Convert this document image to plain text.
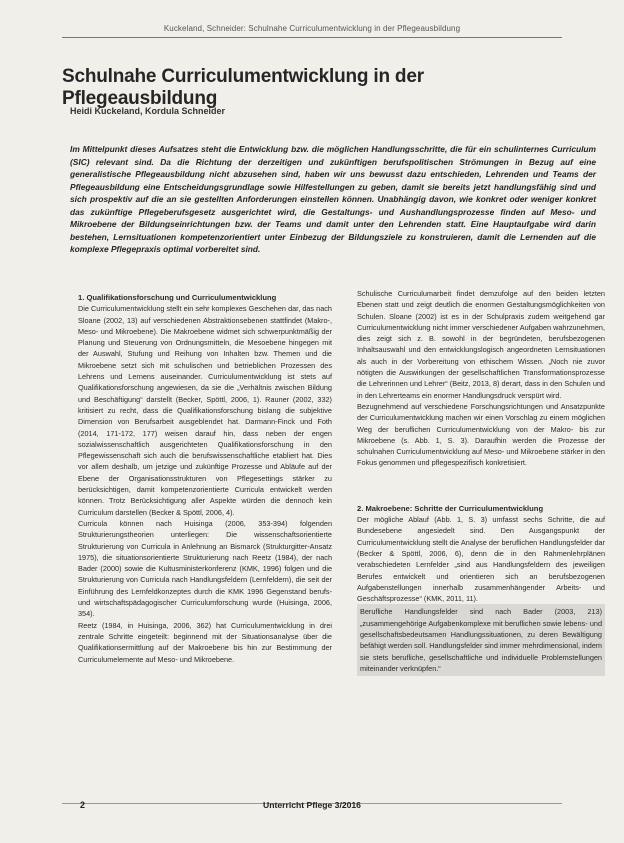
Kuckeland, Schneider: Schulnahe Curriculumentwicklung in der Pflegeausbildung
Schulnahe Curriculumentwicklung in der Pflegeausbildung
Heidi Kuckeland, Kordula Schneider

Im Mittelpunkt dieses Aufsatzes steht die Entwicklung bzw. die möglichen Handlungsschritte, die für ein schulinternes Curriculum (SIC) relevant sind. Da die Richtung der derzeitigen und zukünftigen berufspolitischen Strömungen in Bezug auf eine generalistische Pflegeausbildung nicht abzusehen sind, haben wir uns bewusst dazu entschieden, Lehrenden und Teams der Pflegeausbildung eine Entscheidungsgrundlage sowie Hilfestellungen zu geben, damit sie bereits jetzt handlungsfähig sind und sich prospektiv auf die an sie gestellten Anforderungen einstellen können. Unabhängig davon, wie konkret oder weniger konkret das zukünftige Pflegeberufsgesetz ausgerichtet wird, die Gestaltungs- und Aushandlungsprozesse finden auf Meso- und Mikroebene der Bildungseinrichtungen bzw. der Teams und damit unter den Lehrenden statt. Eine Hauptaufgabe wird darin bestehen, Lernsituationen kompetenzorientiert unter Einbezug der Bildungsziele zu konstruieren, damit die Lernenden auf die komplexe Pflegepraxis optimal vorbereitet sind.

1. Qualifikationsforschung und Curriculumentwicklung

Die Curriculumentwicklung stellt ein sehr komplexes Geschehen dar, das nach Sloane (2002, 13) auf verschiedenen Abstraktionsebenen stattfindet (Makro-, Meso- und Mikroebene). Die Makroebene widmet sich schwerpunktmäßig der Planung und Steuerung von Ordnungsmitteln, die Mesoebene hingegen mit der Auswahl, Stufung und Reihung von Inhalten bzw. Themen und die Mikroebene setzt sich mit schulischen und betrieblichen Prozessen des Lehrens und Lernens auseinander. Curriculumentwicklung ist stets auf Qualifikationsforschung angewiesen, da sie die „Verhältnis zwischen Bildung und Beschäftigung“ darstellt (Becker, Spöttl, 2006, 1). Rauner (2002, 332) kritisiert zu recht, dass die Qualifikationsforschung bislang die subjektive Dimension von Berufsarbeit ausgeblendet hat. Darmann-Finck und Foth (2014, 171-172, 177) weisen darauf hin, dass neben der engen sozialwissenschaftlich ausgerichteten Qualifikationsforschung in den Pflegewissenschaft sich auch die berufswissenschaftliche etabliert hat. Dies vor allem deshalb, um jetzige und zukünftige Prozesse und Abläufe auf der Ebene der Organisationsstrukturen von Pflegesettings stärker zu berücksichtigen, damit kompetenzorientierte Curricula entwickelt werden können. Trotz Berücksichtigung aller Aspekte würden die dennoch kein Curriculum darstellen (Becker & Spöttl, 2006, 4).

Curricula können nach Huisinga (2006, 353-394) folgenden Strukturierungstheorien unterliegen: Die wissenschaftsorientierte Strukturierung von Curricula in Anlehnung an Bismarck (Strukturgitter-Ansatz 1975), die situationsorientierte Strukturierung nach Reetz (1984), der nach Bader (2000) sowie die Kultusministerkonferenz (KMK, 1996) folgen und die Strukturierung von Curricula nach Handlungsfeldern (Lernfeldern), die seit der Einführung des Lernfeldkonzeptes durch die KMK 1996 Gegenstand berufs- und wirtschaftspädagogischer Curriculumforschung wurde (Huisinga, 2006, 354).

Reetz (1984, in Huisinga, 2006, 362) hat Curriculumentwicklung in drei zentrale Schritte eingeteilt: beginnend mit der Situationsanalyse über die Qualifikationsermittlung auf der Makroebene bis hin zur Bestimmung der Curriculumelemente auf Meso- und Mikroebene.

Schulische Curriculumarbeit findet demzufolge auf den beiden letzten Ebenen statt und zeigt deutlich die enormen Gestaltungsmöglichkeiten von Schulen. Sloane (2002) ist es in der Schulpraxis zudem weitgehend gar Curriculumentwicklung nicht immer verschiedener Aufgaben wahrzunehmen, dies zeigt sich z. B. sowohl in der begründeten, berufsbezogenen Inhaltsauswahl und den entwicklungslogisch angeordneten Lernsituationen als auch in der Vorbereitung von ethischem Wissen. „Noch nie zuvor nötigten die Auswirkungen der gesellschaftlichen Transformationsprozesse die Lehrerinnen und Lehrer“ (Beitz, 2013, 8) derart, dass in den Schulen und in den Lehrerteams ein enormer Handlungsdruck verspürt wird.

Bezugnehmend auf verschiedene Forschungsrichtungen und Ansatzpunkte der Curriculumentwicklung machen wir einen Vorschlag zu einem möglichen Weg der beruflichen Curriculumentwicklung von der Makro- bis zur Mikroebene (s. Abb. 1, S. 3). Daraufhin werden die Prozesse der schulnahen Curriculumentwicklung auf Meso- und Mikroebene stärker in den Fokus genommen und pflegespezifisch konkretisiert.

2. Makroebene: Schritte der Curriculumentwicklung

Der mögliche Ablauf (Abb. 1, S. 3) umfasst sechs Schritte, die auf Bundesebene angesiedelt sind. Den Ausgangspunkt der Curriculumentwicklung stellt die Analyse der beruflichen Handlungsfelder dar (Becker & Spöttl, 2006, 6), denn die in den Rahmenlehrplänen verabschiedeten Lernfelder „sind aus Handlungsfeldern des jeweiligen Berufes entwickelt und orientieren sich an berufsbezogenen Aufgabenstellungen innerhalb zusammenhängender Arbeits- und Geschäftsprozesse“ (KMK, 2011, 11).

Berufliche Handlungsfelder sind nach Bader (2003, 213) „zusammengehörige Aufgabenkomplexe mit beruflichen sowie lebens- und gesellschaftsbedeutsamen Handlungssituationen, zu deren Bewältigung befähigt werden soll. Handlungsfelder sind immer mehrdimensional, indem sie stets berufliche, gesellschaftliche und individuelle Problemstellungen miteinander verknüpfen.“

2	Unterricht Pflege 3/2016
